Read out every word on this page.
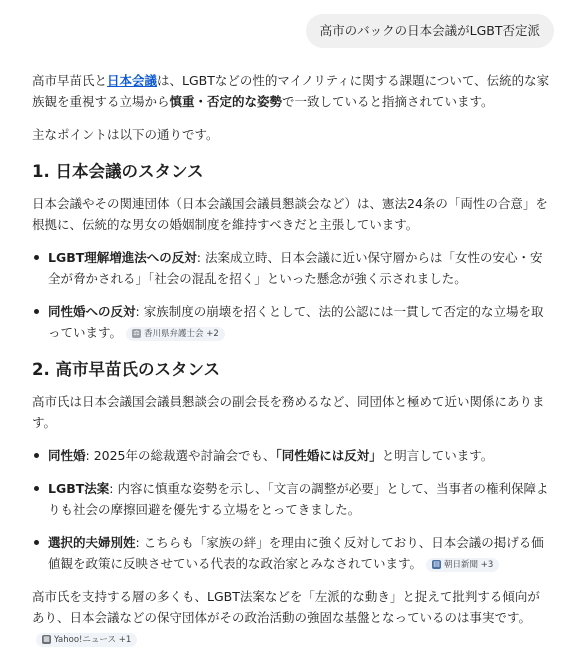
高市のバックの日本会議がLGBT否定派

高市早苗氏と日本会議は、LGBTなどの性的マイノリティに関する課題について、伝統的な家族観を重視する立場から慎重・否定的な姿勢で一致していると指摘されています。

主なポイントは以下の通りです。

1. 日本会議のスタンス

日本会議やその関連団体（日本会議国会議員懇談会など）は、憲法24条の「両性の合意」を根拠に、伝統的な男女の婚姻制度を維持すべきだと主張しています。

LGBT理解増進法への反対: 法案成立時、日本会議に近い保守層からは「女性の安心・安全が脅かされる」「社会の混乱を招く」といった懸念が強く示されました。
同性婚への反対: 家族制度の崩壊を招くとして、法的公認には一貫して否定的な立場を取っています。 ⚖ 香川県弁護士会 +2
2. 高市早苗氏のスタンス

高市氏は日本会議国会議員懇談会の副会長を務めるなど、同団体と極めて近い関係にあります。

同性婚: 2025年の総裁選や討論会でも、「同性婚には反対」と明言しています。
LGBT法案: 内容に慎重な姿勢を示し、「文言の調整が必要」として、当事者の権利保障よりも社会の摩擦回避を優先する立場をとってきました。
選択的夫婦別姓: こちらも「家族の絆」を理由に強く反対しており、日本会議の掲げる価値観を政策に反映させている代表的な政治家とみなされています。 ▤ 朝日新聞 +3

高市氏を支持する層の多くも、LGBT法案などを「左派的な動き」と捉えて批判する傾向があり、日本会議などの保守団体がその政治活動の強固な基盤となっているのは事実です。
▦ Yahoo!ニュース +1
